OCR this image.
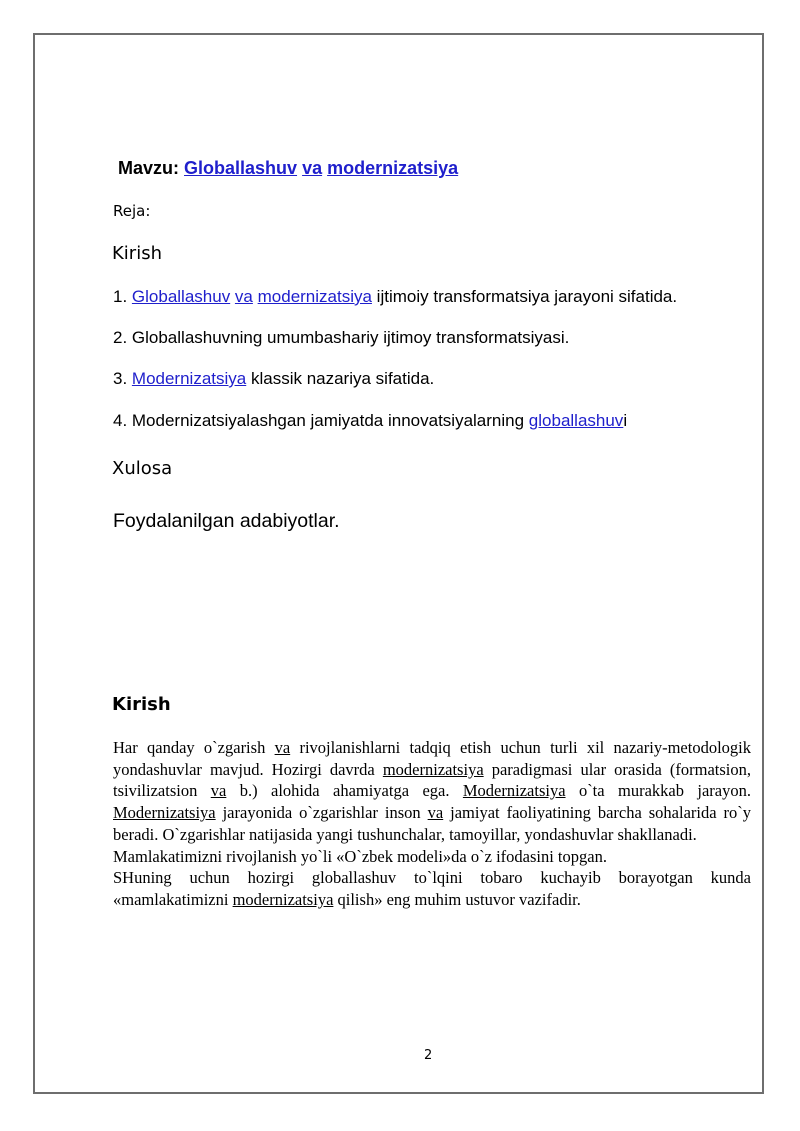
Mavzu: Globallashuv va modernizatsiya
Reja:
Kirish
1. Globallashuv va modernizatsiya ijtimoiy transformatsiya jarayoni sifatida.
2. Globallashuvning umumbashariy ijtimoy transformatsiyasi.
3. Modernizatsiya klassik nazariya sifatida.
4. Modernizatsiyalashgan jamiyatda innovatsiyalarning globallashuvi
Xulosa
Foydalanilgan adabiyotlar.
Kirish

Har qanday o`zgarish va rivojlanishlarni tadqiq etish uchun turli xil nazariy-metodologik yondashuvlar mavjud. Hozirgi davrda modernizatsiya paradigmasi ular orasida (formatsion, tsivilizatsion va b.) alohida ahamiyatga ega. Modernizatsiya o`ta murakkab jarayon. Modernizatsiya jarayonida o`zgarishlar inson va jamiyat faoliyatining barcha sohalarida ro`y beradi. O`zgarishlar natijasida yangi tushunchalar, tamoyillar, yondashuvlar shakllanadi.

Mamlakatimizni rivojlanish yo`li «O`zbek modeli»da o`z ifodasini topgan.

SHuning uchun hozirgi globallashuv to`lqini tobaro kuchayib borayotgan kunda «mamlakatimizni modernizatsiya qilish» eng muhim ustuvor vazifadir.

2
